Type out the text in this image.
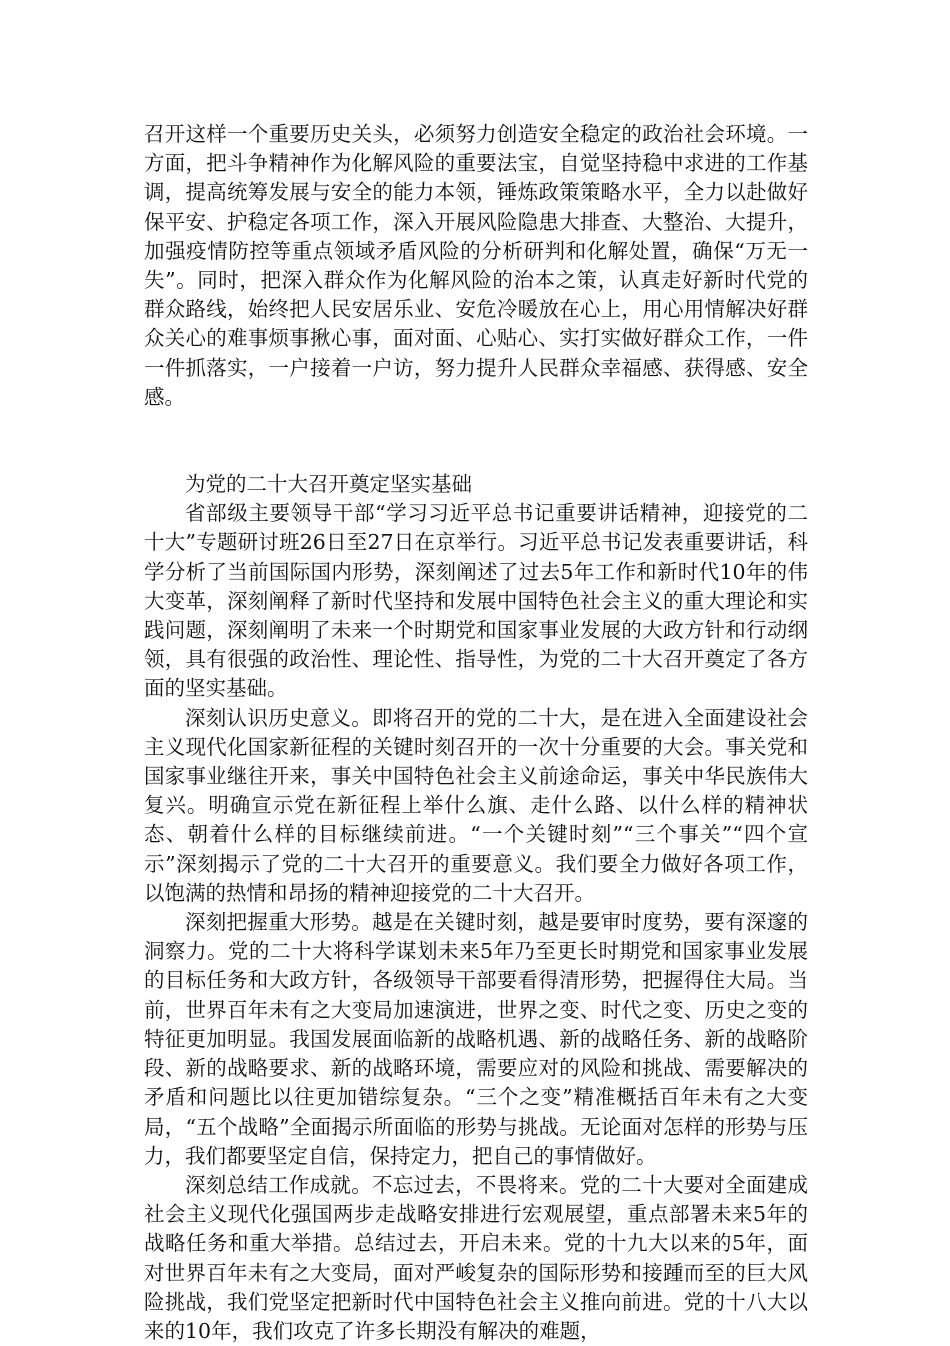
召开这样一个重要历史关头，必须努力创造安全稳定的政治社会环境。一方面，把斗争精神作为化解风险的重要法宝，自觉坚持稳中求进的工作基调，提高统筹发展与安全的能力本领，锤炼政策策略水平，全力以赴做好保平安、护稳定各项工作，深入开展风险隐患大排查、大整治、大提升，加强疫情防控等重点领域矛盾风险的分析研判和化解处置，确保“万无一失”。同时，把深入群众作为化解风险的治本之策，认真走好新时代党的群众路线，始终把人民安居乐业、安危冷暖放在心上，用心用情解决好群众关心的难事烦事揪心事，面对面、心贴心、实打实做好群众工作，一件一件抓落实，一户接着一户访，努力提升人民群众幸福感、获得感、安全感。

为党的二十大召开奠定坚实基础

省部级主要领导干部“学习习近平总书记重要讲话精神，迎接党的二十大”专题研讨班26日至27日在京举行。习近平总书记发表重要讲话，科学分析了当前国际国内形势，深刻阐述了过去5年工作和新时代10年的伟大变革，深刻阐释了新时代坚持和发展中国特色社会主义的重大理论和实践问题，深刻阐明了未来一个时期党和国家事业发展的大政方针和行动纲领，具有很强的政治性、理论性、指导性，为党的二十大召开奠定了各方面的坚实基础。

深刻认识历史意义。即将召开的党的二十大，是在进入全面建设社会主义现代化国家新征程的关键时刻召开的一次十分重要的大会。事关党和国家事业继往开来，事关中国特色社会主义前途命运，事关中华民族伟大复兴。明确宣示党在新征程上举什么旗、走什么路、以什么样的精神状态、朝着什么样的目标继续前进。“一个关键时刻”“三个事关”“四个宣示”深刻揭示了党的二十大召开的重要意义。我们要全力做好各项工作，以饱满的热情和昂扬的精神迎接党的二十大召开。

深刻把握重大形势。越是在关键时刻，越是要审时度势，要有深邃的洞察力。党的二十大将科学谋划未来5年乃至更长时期党和国家事业发展的目标任务和大政方针，各级领导干部要看得清形势，把握得住大局。当前，世界百年未有之大变局加速演进，世界之变、时代之变、历史之变的特征更加明显。我国发展面临新的战略机遇、新的战略任务、新的战略阶段、新的战略要求、新的战略环境，需要应对的风险和挑战、需要解决的矛盾和问题比以往更加错综复杂。“三个之变”精准概括百年未有之大变局，“五个战略”全面揭示所面临的形势与挑战。无论面对怎样的形势与压力，我们都要坚定自信，保持定力，把自己的事情做好。

深刻总结工作成就。不忘过去，不畏将来。党的二十大要对全面建成社会主义现代化强国两步走战略安排进行宏观展望，重点部署未来5年的战略任务和重大举措。总结过去，开启未来。党的十九大以来的5年，面对世界百年未有之大变局，面对严峻复杂的国际形势和接踵而至的巨大风险挑战，我们党坚定把新时代中国特色社会主义推向前进。党的十八大以来的10年，我们攻克了许多长期没有解决的难题，
